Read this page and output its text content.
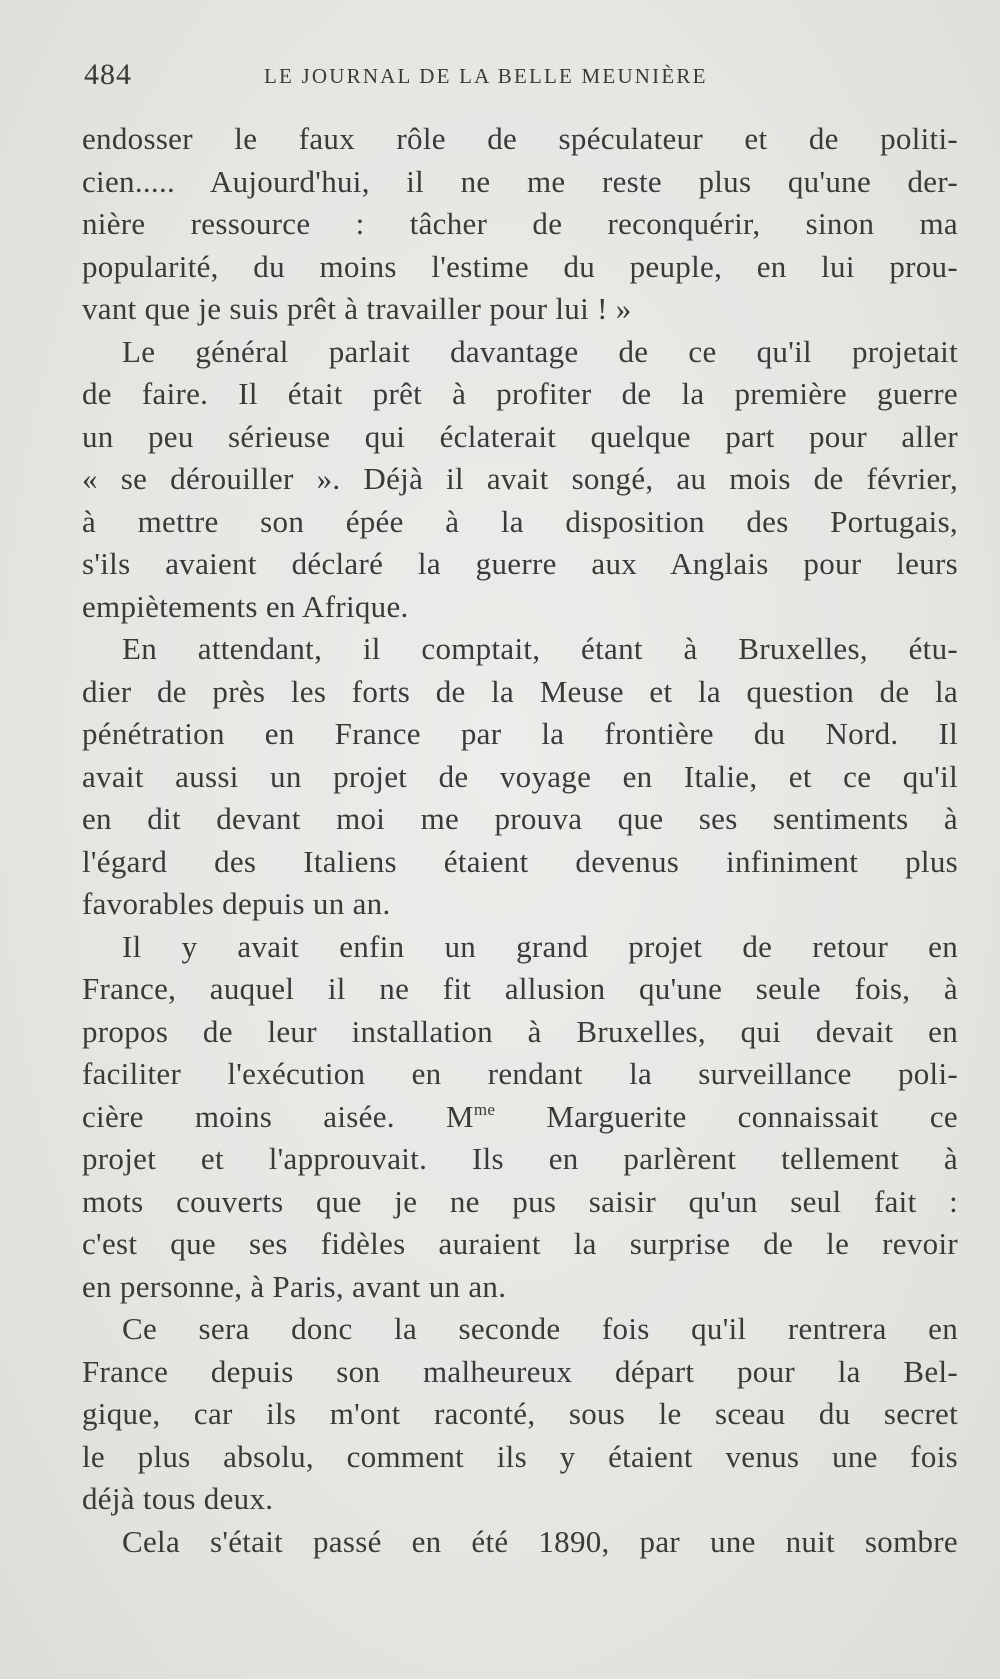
484	LE JOURNAL DE LA BELLE MEUNIÈRE
endosser le faux rôle de spéculateur et de politi-
cien..... Aujourd'hui, il ne me reste plus qu'une der-
nière ressource : tâcher de reconquérir, sinon ma
popularité, du moins l'estime du peuple, en lui prou-
vant que je suis prêt à travailler pour lui ! »
Le général parlait davantage de ce qu'il projetait
de faire. Il était prêt à profiter de la première guerre
un peu sérieuse qui éclaterait quelque part pour aller
« se dérouiller ». Déjà il avait songé, au mois de février,
à mettre son épée à la disposition des Portugais,
s'ils avaient déclaré la guerre aux Anglais pour leurs
empiètements en Afrique.
En attendant, il comptait, étant à Bruxelles, étu-
dier de près les forts de la Meuse et la question de la
pénétration en France par la frontière du Nord. Il
avait aussi un projet de voyage en Italie, et ce qu'il
en dit devant moi me prouva que ses sentiments à
l'égard des Italiens étaient devenus infiniment plus
favorables depuis un an.
Il y avait enfin un grand projet de retour en
France, auquel il ne fit allusion qu'une seule fois, à
propos de leur installation à Bruxelles, qui devait en
faciliter l'exécution en rendant la surveillance poli-
cière moins aisée. $M^{me}$ Marguerite connaissait ce
projet et l'approuvait. Ils en parlèrent tellement à
mots couverts que je ne pus saisir qu'un seul fait :
c'est que ses fidèles auraient la surprise de le revoir
en personne, à Paris, avant un an.
Ce sera donc la seconde fois qu'il rentrera en
France depuis son malheureux départ pour la Bel-
gique, car ils m'ont raconté, sous le sceau du secret
le plus absolu, comment ils y étaient venus une fois
déjà tous deux.
Cela s'était passé en été 1890, par une nuit sombre
